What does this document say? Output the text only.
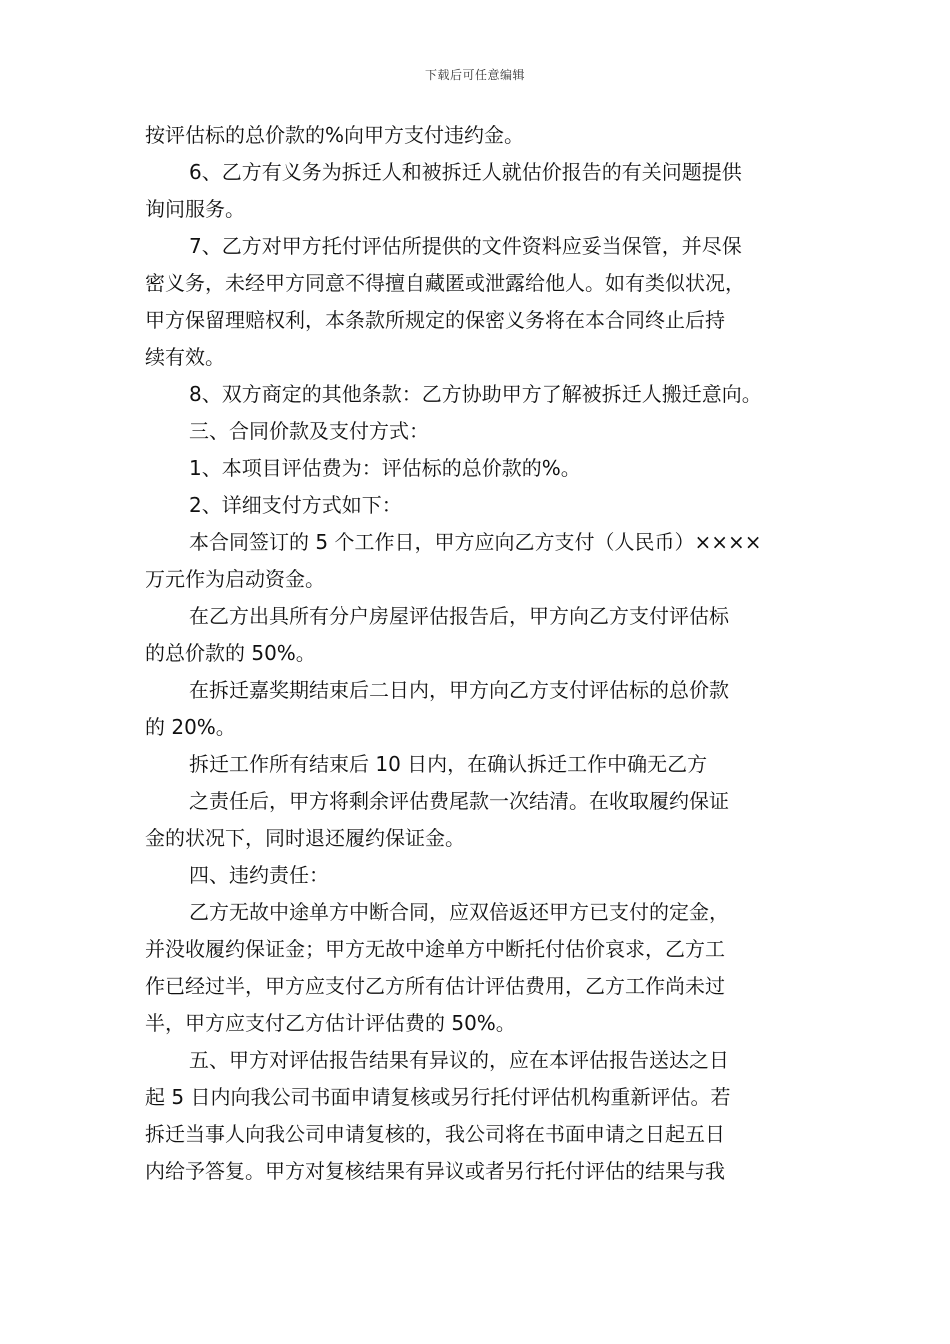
下载后可任意编辑
按评估标的总价款的%向甲方支付违约金。
6、乙方有义务为拆迁人和被拆迁人就估价报告的有关问题提供
询问服务。
7、乙方对甲方托付评估所提供的文件资料应妥当保管，并尽保
密义务，未经甲方同意不得擅自藏匿或泄露给他人。如有类似状况，
甲方保留理赔权利，本条款所规定的保密义务将在本合同终止后持
续有效。
8、双方商定的其他条款：乙方协助甲方了解被拆迁人搬迁意向。
三、合同价款及支付方式：
1、本项目评估费为：评估标的总价款的%。
2、详细支付方式如下：
本合同签订的 5 个工作日，甲方应向乙方支付（人民币）××××
万元作为启动资金。
在乙方出具所有分户房屋评估报告后，甲方向乙方支付评估标
的总价款的 50%。
在拆迁嘉奖期结束后二日内，甲方向乙方支付评估标的总价款
的 20%。
拆迁工作所有结束后 10 日内，在确认拆迁工作中确无乙方
之责任后，甲方将剩余评估费尾款一次结清。在收取履约保证
金的状况下，同时退还履约保证金。
四、违约责任：
乙方无故中途单方中断合同，应双倍返还甲方已支付的定金，
并没收履约保证金；甲方无故中途单方中断托付估价哀求，乙方工
作已经过半，甲方应支付乙方所有估计评估费用，乙方工作尚未过
半，甲方应支付乙方估计评估费的 50%。
五、甲方对评估报告结果有异议的，应在本评估报告送达之日
起 5 日内向我公司书面申请复核或另行托付评估机构重新评估。若
拆迁当事人向我公司申请复核的，我公司将在书面申请之日起五日
内给予答复。甲方对复核结果有异议或者另行托付评估的结果与我
